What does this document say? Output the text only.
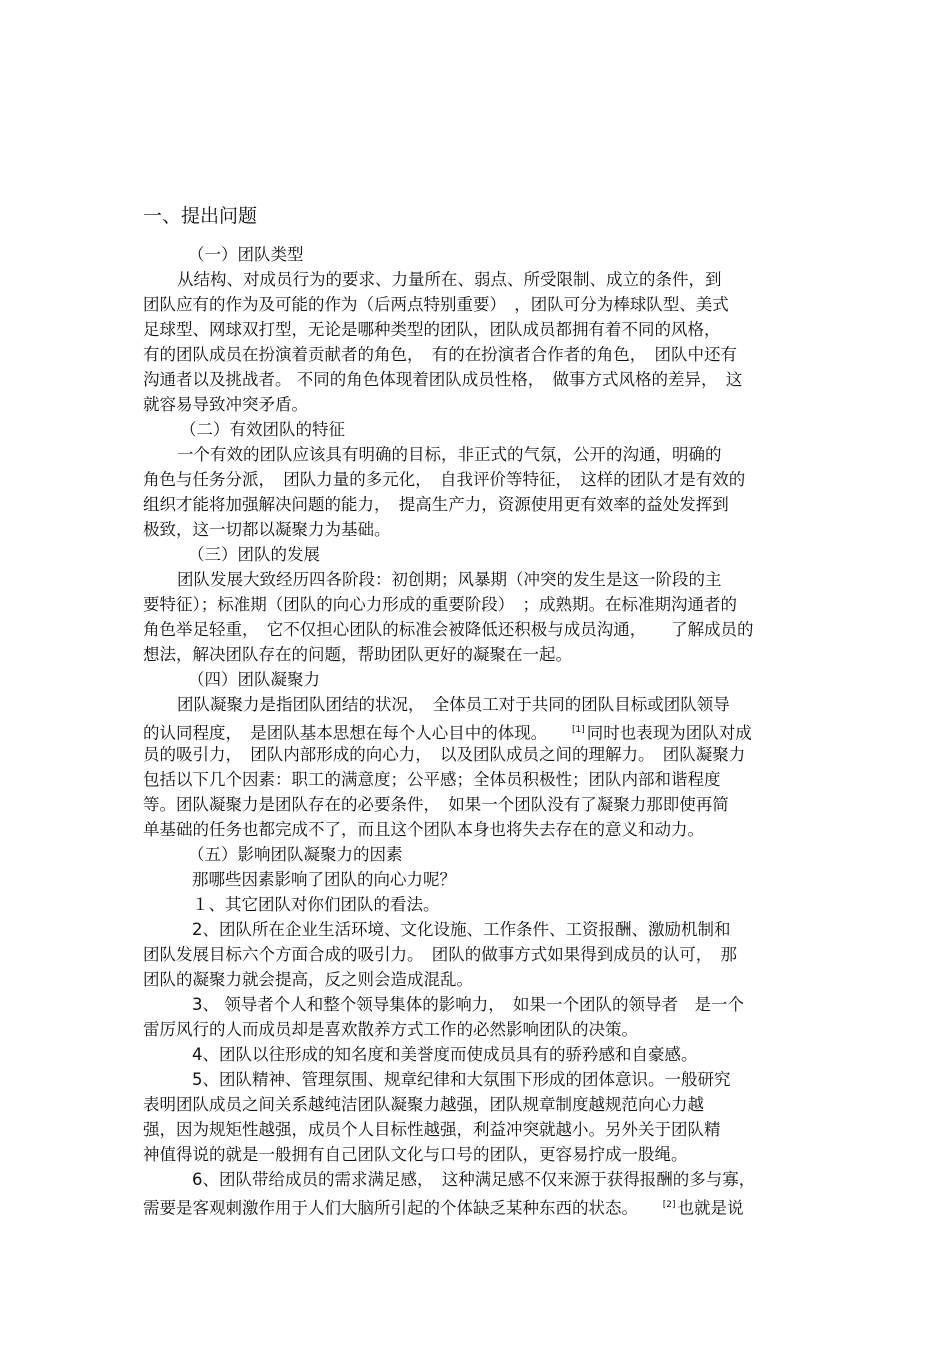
一、提出问题
（一）团队类型
从结构、对成员行为的要求、力量所在、弱点、所受限制、成立的条件，到
团队应有的作为及可能的作为（后两点特别重要）　，团队可分为棒球队型、美式
足球型、网球双打型，无论是哪种类型的团队，团队成员都拥有着不同的风格，
有的团队成员在扮演着贡献者的角色，　有的在扮演者合作者的角色，　团队中还有
沟通者以及挑战者。 不同的角色体现着团队成员性格，　做事方式风格的差异，　这
就容易导致冲突矛盾。
（二）有效团队的特征
一个有效的团队应该具有明确的目标，非正式的气氛，公开的沟通，明确的
角色与任务分派，　团队力量的多元化，　自我评价等特征，　这样的团队才是有效的
组织才能将加强解决问题的能力，　提高生产力，资源使用更有效率的益处发挥到
极致，这一切都以凝聚力为基础。
（三）团队的发展
团队发展大致经历四各阶段：初创期；风暴期（冲突的发生是这一阶段的主
要特征）；标准期（团队的向心力形成的重要阶段）　；成熟期。在标准期沟通者的
角色举足轻重，　它不仅担心团队的标准会被降低还积极与成员沟通，　　了解成员的
想法，解决团队存在的问题，帮助团队更好的凝聚在一起。
（四）团队凝聚力
团队凝聚力是指团队团结的状况，　全体员工对于共同的团队目标或团队领导
的认同程度，　是团队基本思想在每个人心目中的体现。　　	[1] 同时也表现为团队对成
员的吸引力，　团队内部形成的向心力，　以及团队成员之间的理解力。　团队凝聚力
包括以下几个因素：职工的满意度；公平感；全体员积极性；团队内部和谐程度
等。团队凝聚力是团队存在的必要条件，　如果一个团队没有了凝聚力那即使再简
单基础的任务也都完成不了，而且这个团队本身也将失去存在的意义和动力。
（五）影响团队凝聚力的因素
那哪些因素影响了团队的向心力呢？
１、其它团队对你们团队的看法。
2、团队所在企业生活环境、文化设施、工作条件、工资报酬、激励机制和
团队发展目标六个方面合成的吸引力。　团队的做事方式如果得到成员的认可，　那
团队的凝聚力就会提高，反之则会造成混乱。
3、 领导者个人和整个领导集体的影响力，　如果一个团队的领导者　是一个
雷厉风行的人而成员却是喜欢散养方式工作的必然影响团队的决策。
4、团队以往形成的知名度和美誉度而使成员具有的骄矜感和自豪感。
5、团队精神、管理氛围、规章纪律和大氛围下形成的团体意识。一般研究
表明团队成员之间关系越纯洁团队凝聚力越强，团队规章制度越规范向心力越
强，因为规矩性越强，成员个人目标性越强，利益冲突就越小。另外关于团队精
神值得说的就是一般拥有自己团队文化与口号的团队，更容易拧成一股绳。
6、团队带给成员的需求满足感，　这种满足感不仅来源于获得报酬的多与寡，
需要是客观刺激作用于人们大脑所引起的个体缺乏某种东西的状态。　　	[2] 也就是说
